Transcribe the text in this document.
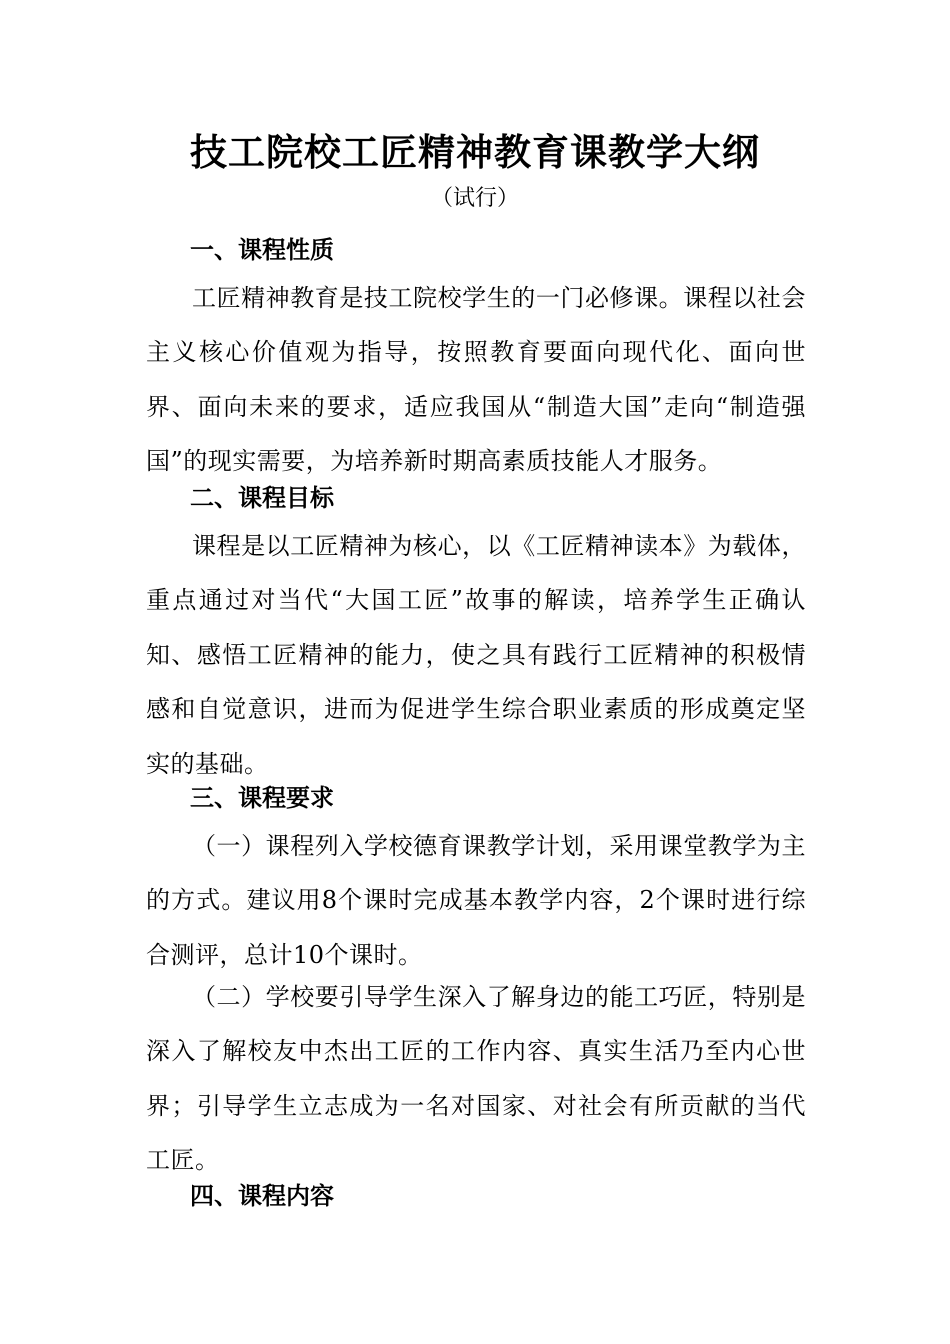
技工院校工匠精神教育课教学大纲

（试行）

一、课程性质

工匠精神教育是技工院校学生的一门必修课。课程以社会主义核心价值观为指导，按照教育要面向现代化、面向世界、面向未来的要求，适应我国从“制造大国”走向“制造强国”的现实需要，为培养新时期高素质技能人才服务。

二、课程目标

课程是以工匠精神为核心，以《工匠精神读本》为载体，重点通过对当代“大国工匠”故事的解读，培养学生正确认知、感悟工匠精神的能力，使之具有践行工匠精神的积极情感和自觉意识，进而为促进学生综合职业素质的形成奠定坚实的基础。

三、课程要求

（一）课程列入学校德育课教学计划，采用课堂教学为主的方式。建议用8个课时完成基本教学内容，2个课时进行综合测评，总计10个课时。

（二）学校要引导学生深入了解身边的能工巧匠，特别是深入了解校友中杰出工匠的工作内容、真实生活乃至内心世界；引导学生立志成为一名对国家、对社会有所贡献的当代工匠。

四、课程内容
